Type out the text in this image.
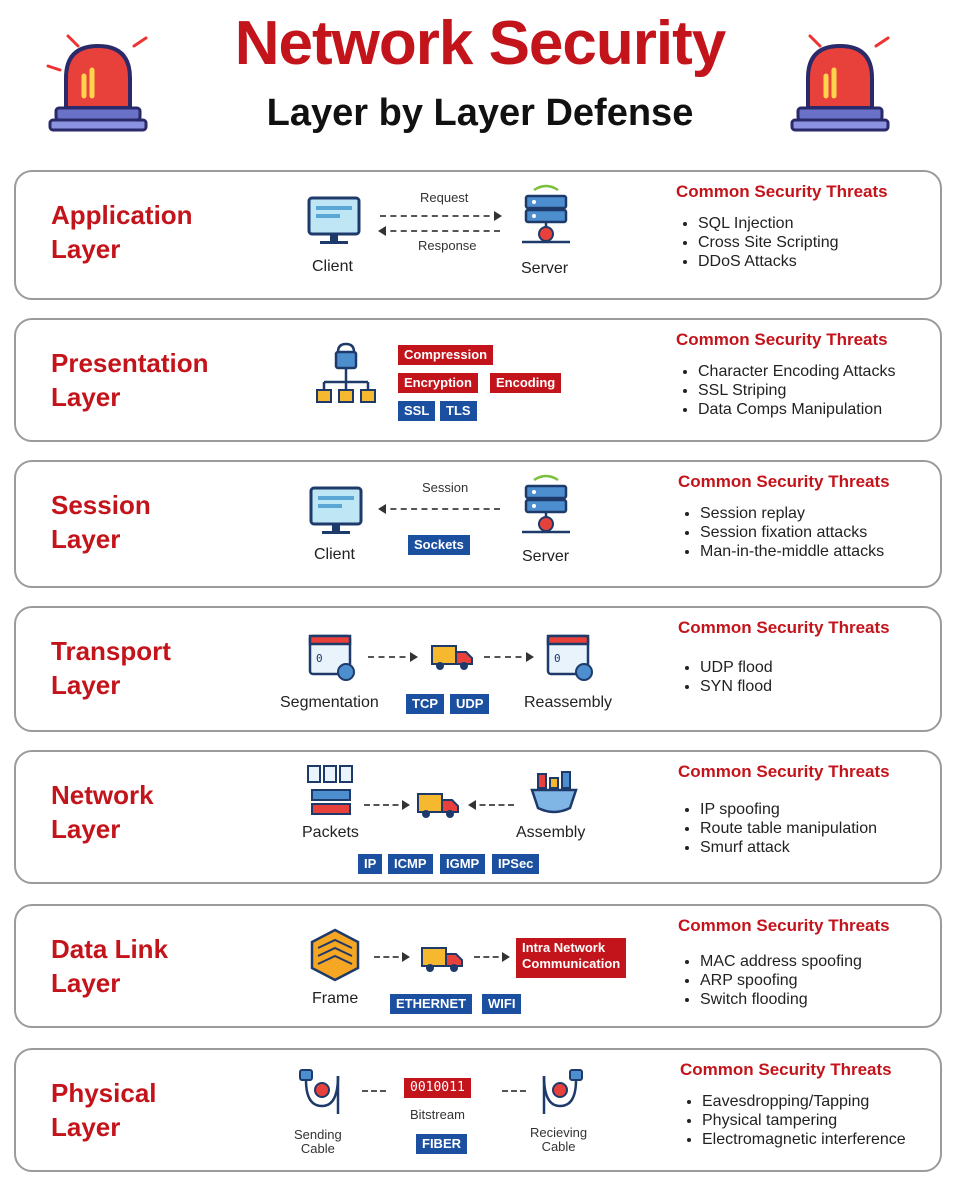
Network Security
Layer by Layer Defense
Application
Layer
Client
Request
Response
Server
Common Security Threats
• SQL Injection
• Cross Site Scripting
• DDoS Attacks
Presentation
Layer
Compression
Encryption	Encoding
SSL	TLS
Common Security Threats
• Character Encoding Attacks
• SSL Striping
• Data Comps Manipulation
Session
Layer
Client
Session
Sockets
Server
Common Security Threats
• Session replay
• Session fixation attacks
• Man-in-the-middle attacks
Transport
Layer
0
Segmentation
0
Reassembly
TCP	UDP
Common Security Threats
• UDP flood
• SYN flood
Network
Layer	Packets	Assembly
IP	ICMP	IGMP	IPSec
Common Security Threats
• IP spoofing
• Route table manipulation
• Smurf attack
Data Link
Layer
Frame
Intra Network
Communication
ETHERNET	WIFI
Common Security Threats
• MAC address spoofing
• ARP spoofing
• Switch flooding
Physical
Layer	Sending
Cable
0010011
Bitstream
FIBER
Recieving
Cable
Common Security Threats
• Eavesdropping/Tapping
• Physical tampering
• Electromagnetic interference
